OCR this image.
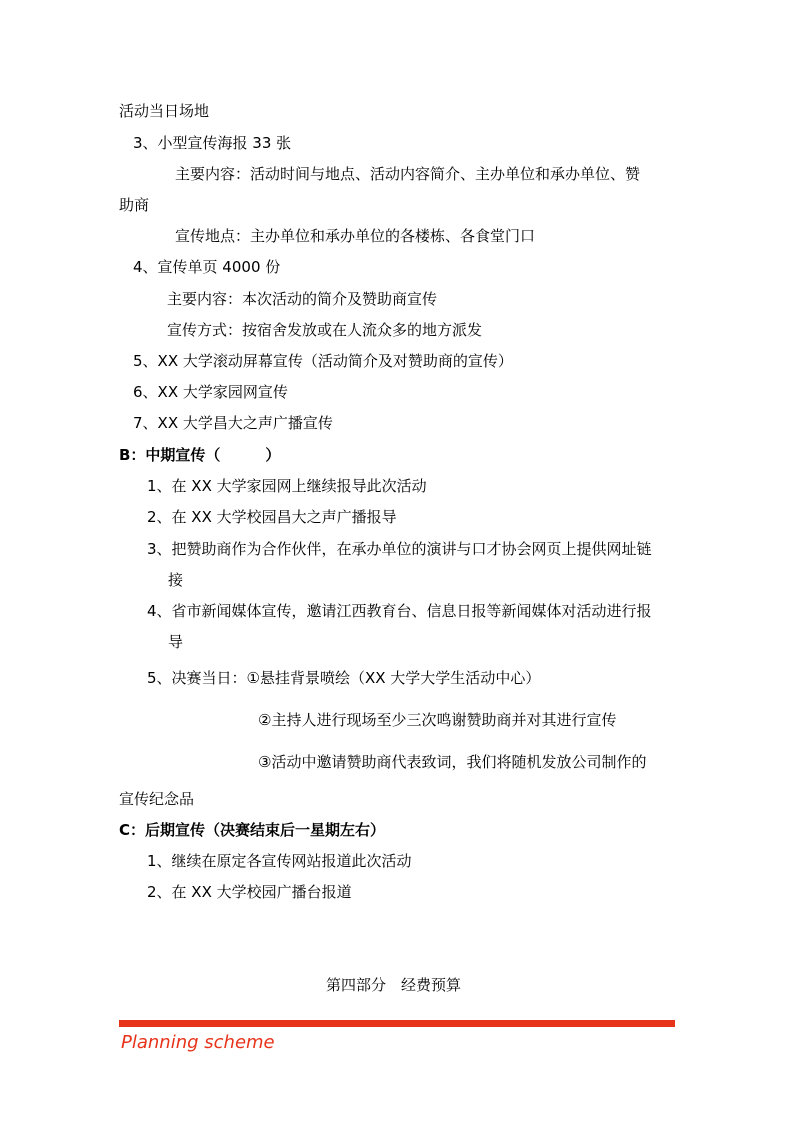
活动当日场地
3、小型宣传海报 33 张
主要内容：活动时间与地点、活动内容简介、主办单位和承办单位、赞
助商
宣传地点：主办单位和承办单位的各楼栋、各食堂门口
4、宣传单页 4000 份
主要内容：本次活动的简介及赞助商宣传
宣传方式：按宿舍发放或在人流众多的地方派发
5、XX 大学滚动屏幕宣传（活动简介及对赞助商的宣传）
6、XX 大学家园网宣传
7、XX 大学昌大之声广播宣传
B：中期宣传（　　　）
1、在 XX 大学家园网上继续报导此次活动
2、在 XX 大学校园昌大之声广播报导
3、把赞助商作为合作伙伴，在承办单位的演讲与口才协会网页上提供网址链
接
4、省市新闻媒体宣传，邀请江西教育台、信息日报等新闻媒体对活动进行报
导
5、决赛当日：①悬挂背景喷绘（XX 大学大学生活动中心）
②主持人进行现场至少三次鸣谢赞助商并对其进行宣传
③活动中邀请赞助商代表致词，我们将随机发放公司制作的
宣传纪念品
C：后期宣传（决赛结束后一星期左右）
1、继续在原定各宣传网站报道此次活动
2、在 XX 大学校园广播台报道
第四部分　经费预算
Planning scheme
